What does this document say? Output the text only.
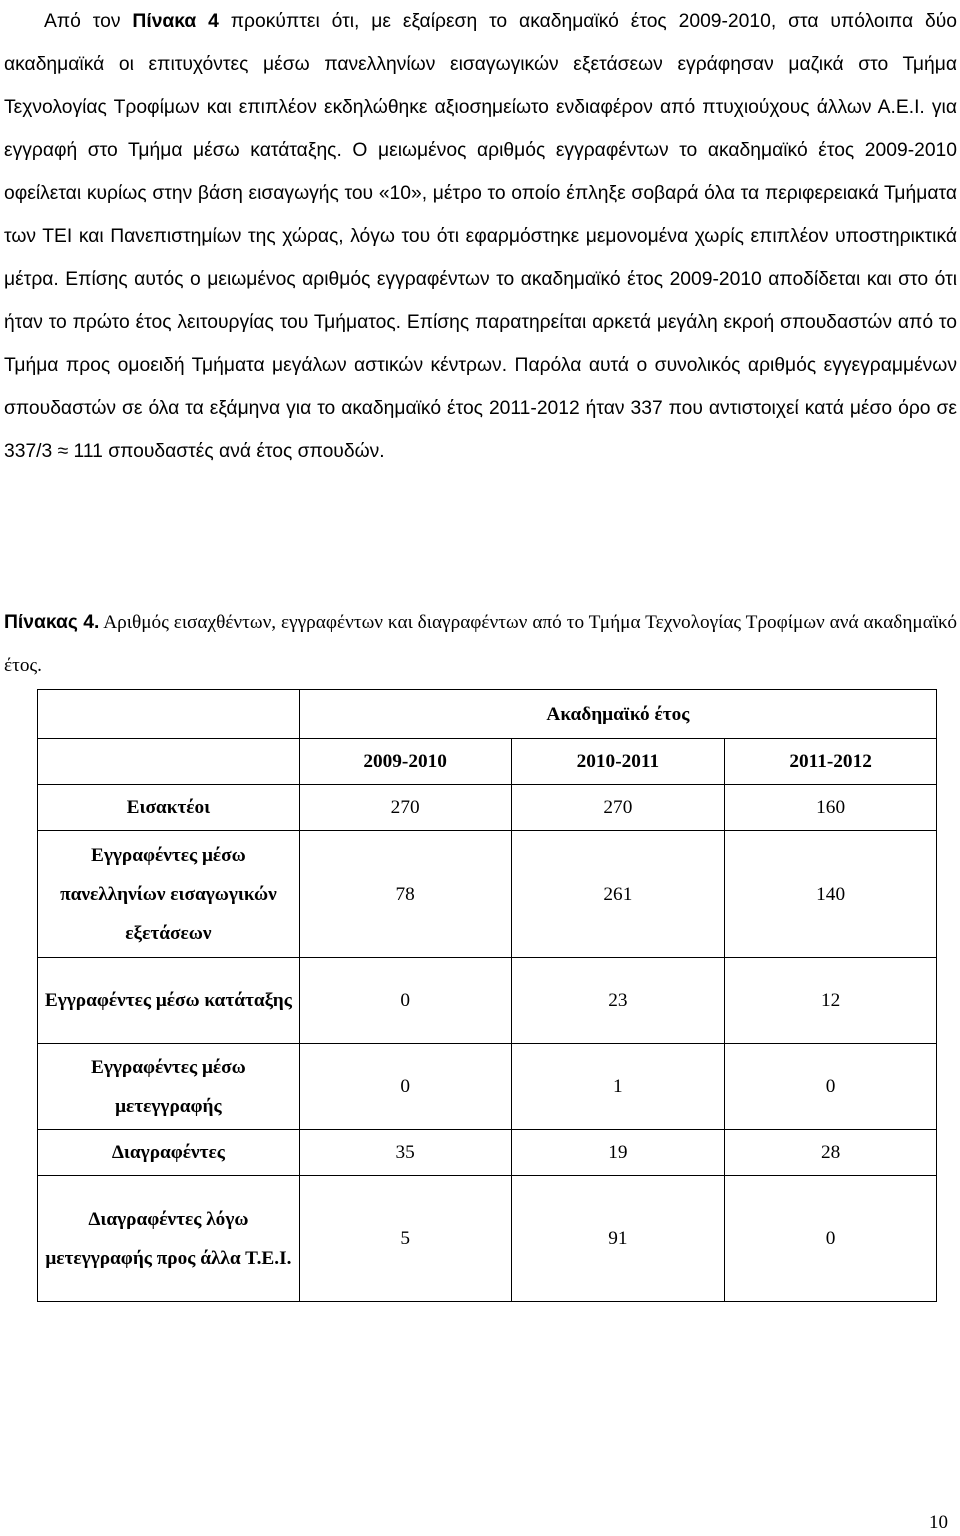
Από τον Πίνακα 4 προκύπτει ότι, με εξαίρεση το ακαδημαϊκό έτος 2009-2010, στα υπόλοιπα δύο ακαδημαϊκά οι επιτυχόντες μέσω πανελληνίων εισαγωγικών εξετάσεων εγράφησαν μαζικά στο Τμήμα Τεχνολογίας Τροφίμων και επιπλέον εκδηλώθηκε αξιοσημείωτο ενδιαφέρον από πτυχιούχους άλλων Α.Ε.Ι. για εγγραφή στο Τμήμα μέσω κατάταξης. Ο μειωμένος αριθμός εγγραφέντων το ακαδημαϊκό έτος 2009-2010 οφείλεται κυρίως στην βάση εισαγωγής του «10», μέτρο το οποίο έπληξε σοβαρά όλα τα περιφερειακά Τμήματα των ΤΕΙ και Πανεπιστημίων της χώρας, λόγω του ότι εφαρμόστηκε μεμονομένα χωρίς επιπλέον υποστηρικτικά μέτρα. Επίσης αυτός ο μειωμένος αριθμός εγγραφέντων το ακαδημαϊκό έτος 2009-2010 αποδίδεται και στο ότι ήταν το πρώτο έτος λειτουργίας του Τμήματος. Επίσης παρατηρείται αρκετά μεγάλη εκροή σπουδαστών από το Τμήμα προς ομοειδή Τμήματα μεγάλων αστικών κέντρων. Παρόλα αυτά ο συνολικός αριθμός εγγεγραμμένων σπουδαστών σε όλα τα εξάμηνα για το ακαδημαϊκό έτος 2011-2012 ήταν 337 που αντιστοιχεί κατά μέσο όρο σε 337/3 ≈ 111 σπουδαστές ανά έτος σπουδών.

Πίνακας 4. Αριθμός εισαχθέντων, εγγραφέντων και διαγραφέντων από το Τμήμα Τεχνολογίας Τροφίμων ανά ακαδημαϊκό έτος.

	Ακαδημαϊκό έτος		
	2009-2010	2010-2011	2011-2012
Εισακτέοι	270	270	160
Εγγραφέντες μέσω πανελληνίων εισαγωγικών εξετάσεων	78	261	140
Εγγραφέντες μέσω κατάταξης	0	23	12
Εγγραφέντες μέσω μετεγγραφής	0	1	0
Διαγραφέντες	35	19	28
Διαγραφέντες λόγω μετεγγραφής προς άλλα Τ.Ε.Ι.	5	91	0
10
